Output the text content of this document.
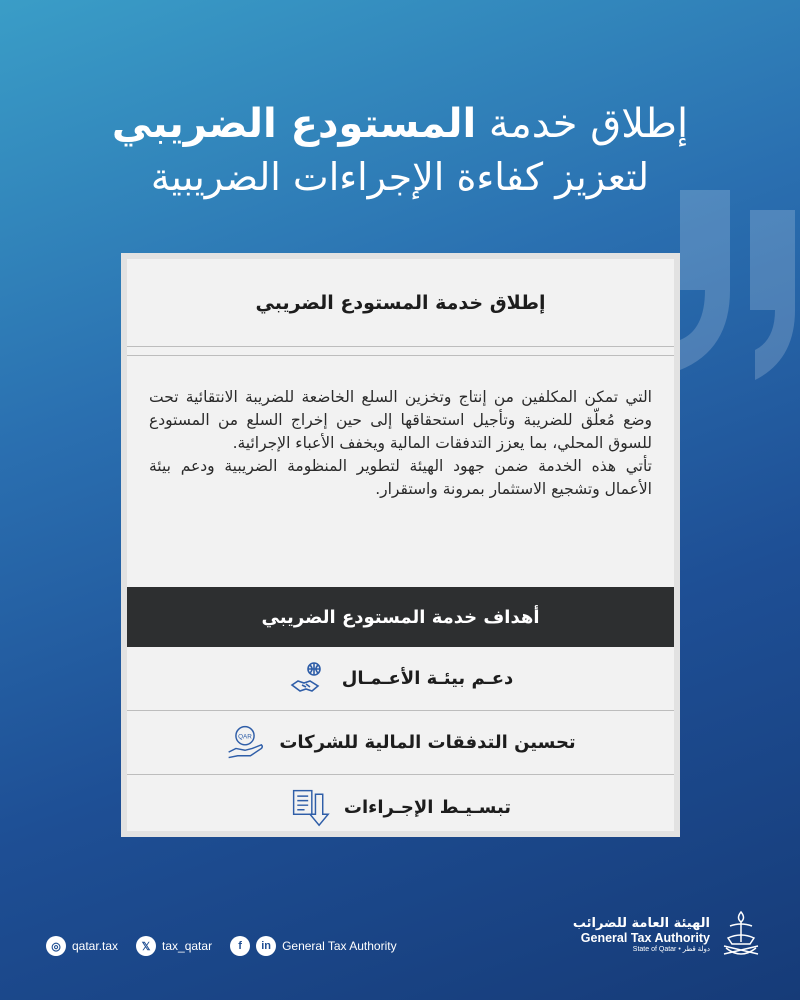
إطلاق خدمة المستودع الضريبي
لتعزيز كفاءة الإجراءات الضريبية
إطلاق خدمة المستودع الضريبي

التي تمكن المكلفين من إنتاج وتخزين السلع الخاضعة للضريبة الانتقائية تحت وضع مُعلّق للضريبة وتأجيل استحقاقها إلى حين إخراج السلع من المستودع للسوق المحلي، بما يعزز التدفقات المالية ويخفف الأعباء الإجرائية.

تأتي هذه الخدمة ضمن جهود الهيئة لتطوير المنظومة الضريبية ودعم بيئة الأعمال وتشجيع الاستثمار بمرونة واستقرار.

أهداف خدمة المستودع الضريبي
دعـم بيئـة الأعـمـال
تحسين التدفقات المالية للشركات
QAR
تبسـيـط الإجـراءات
◎ qatar.tax	𝕏 tax_qatar	f	in General Tax Authority
الهيئة العامة للضرائب
General Tax Authority
State of Qatar • دولة قطر
